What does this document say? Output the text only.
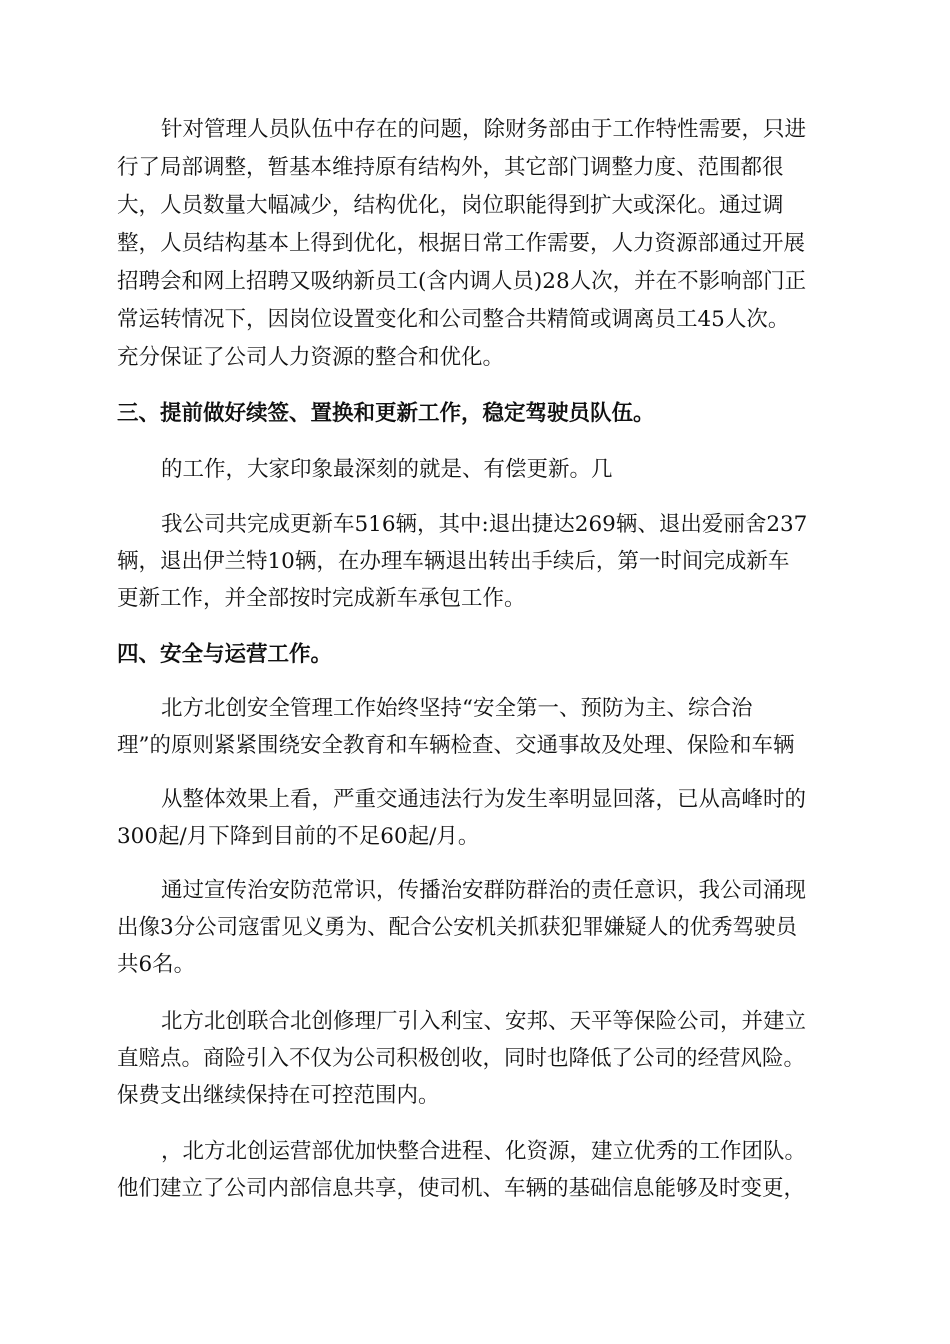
针对管理人员队伍中存在的问题，除财务部由于工作特性需要，只进
行了局部调整，暂基本维持原有结构外，其它部门调整力度、范围都很
大，人员数量大幅减少，结构优化，岗位职能得到扩大或深化。通过调
整，人员结构基本上得到优化，根据日常工作需要，人力资源部通过开展
招聘会和网上招聘又吸纳新员工(含内调人员)28人次，并在不影响部门正
常运转情况下，因岗位设置变化和公司整合共精简或调离员工45人次。
充分保证了公司人力资源的整合和优化。
三、提前做好续签、置换和更新工作，稳定驾驶员队伍。
的工作，大家印象最深刻的就是、有偿更新。几
我公司共完成更新车516辆，其中:退出捷达269辆、退出爱丽舍237
辆，退出伊兰特10辆，在办理车辆退出转出手续后，第一时间完成新车
更新工作，并全部按时完成新车承包工作。
四、安全与运营工作。
北方北创安全管理工作始终坚持“安全第一、预防为主、综合治
理”的原则紧紧围绕安全教育和车辆检查、交通事故及处理、保险和车辆
从整体效果上看，严重交通违法行为发生率明显回落，已从高峰时的
300起/月下降到目前的不足60起/月。
通过宣传治安防范常识，传播治安群防群治的责任意识，我公司涌现
出像3分公司寇雷见义勇为、配合公安机关抓获犯罪嫌疑人的优秀驾驶员
共6名。
北方北创联合北创修理厂引入利宝、安邦、天平等保险公司，并建立
直赔点。商险引入不仅为公司积极创收，同时也降低了公司的经营风险。
保费支出继续保持在可控范围内。
，北方北创运营部优加快整合进程、化资源，建立优秀的工作团队。
他们建立了公司内部信息共享，使司机、车辆的基础信息能够及时变更，
